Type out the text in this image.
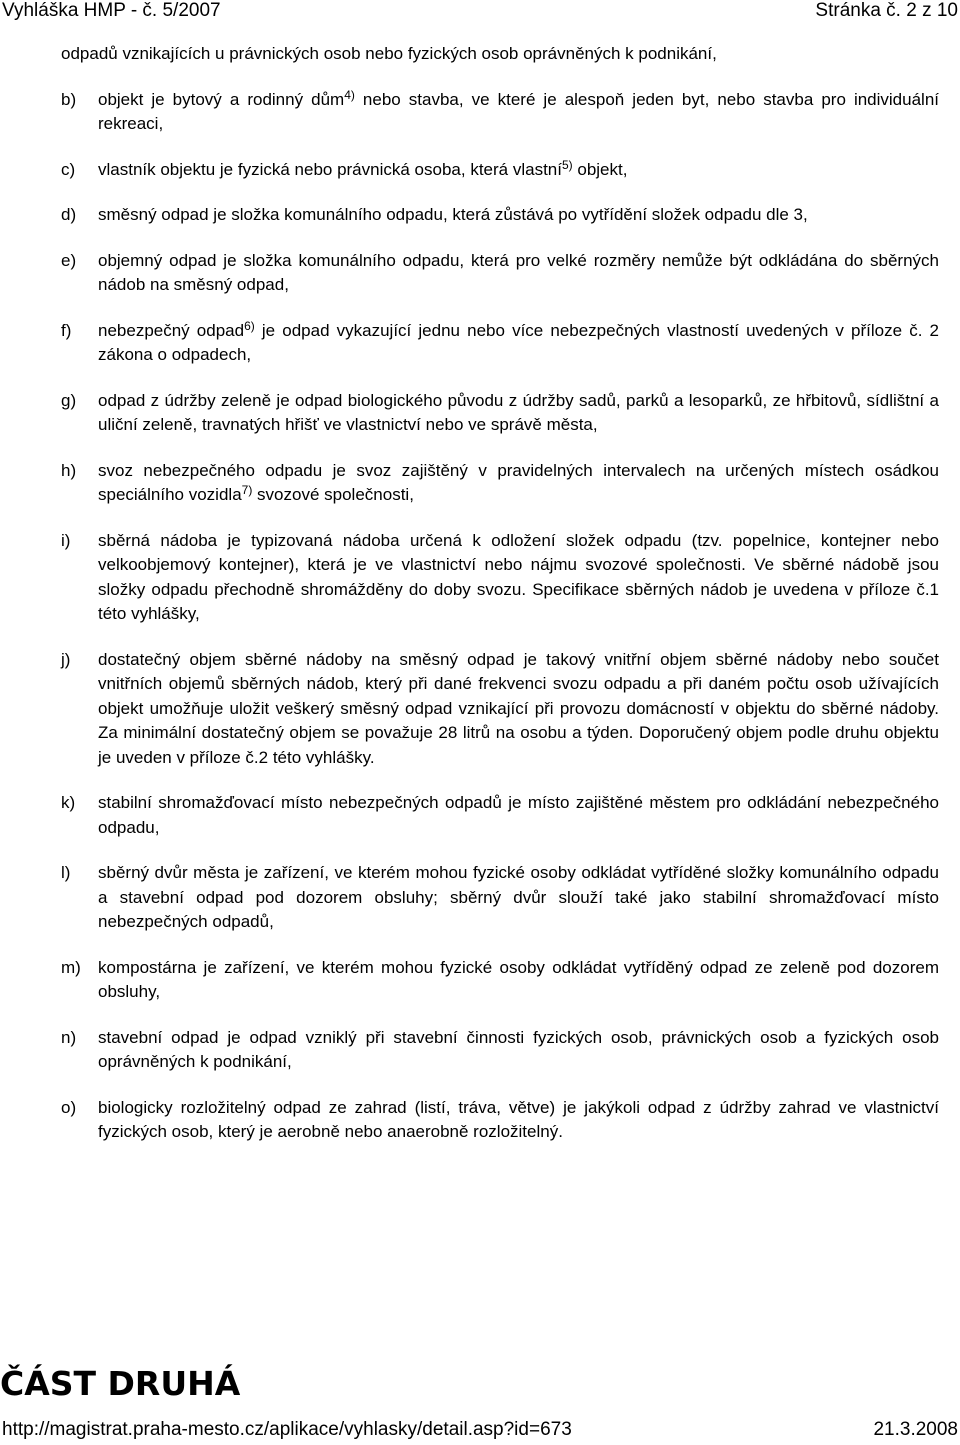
Vyhláška HMP - č. 5/2007	Stránka č. 2 z 10

odpadů vznikajících u právnických osob nebo fyzických osob oprávněných k podnikání,

b) objekt je bytový a rodinný dům$^{4)}$ nebo stavba, ve které je alespoň jeden byt, nebo stavba pro individuální rekreaci,
c) vlastník objektu je fyzická nebo právnická osoba, která vlastní$^{5)}$ objekt,
d) směsný odpad je složka komunálního odpadu, která zůstává po vytřídění složek odpadu dle 3,
e) objemný odpad je složka komunálního odpadu, která pro velké rozměry nemůže být odkládána do sběrných nádob na směsný odpad,
f) nebezpečný odpad$^{6)}$ je odpad vykazující jednu nebo více nebezpečných vlastností uvedených v příloze č. 2 zákona o odpadech,
g) odpad z údržby zeleně je odpad biologického původu z údržby sadů, parků a lesoparků, ze hřbitovů, sídlištní a uliční zeleně, travnatých hřišť ve vlastnictví nebo ve správě města,
h) svoz nebezpečného odpadu je svoz zajištěný v pravidelných intervalech na určených místech osádkou speciálního vozidla$^{7)}$ svozové společnosti,
i) sběrná nádoba je typizovaná nádoba určená k odložení složek odpadu (tzv. popelnice, kontejner nebo velkoobjemový kontejner), která je ve vlastnictví nebo nájmu svozové společnosti. Ve sběrné nádobě jsou složky odpadu přechodně shromážděny do doby svozu. Specifikace sběrných nádob je uvedena v příloze č.1 této vyhlášky,
j) dostatečný objem sběrné nádoby na směsný odpad je takový vnitřní objem sběrné nádoby nebo součet vnitřních objemů sběrných nádob, který při dané frekvenci svozu odpadu a při daném počtu osob užívajících objekt umožňuje uložit veškerý směsný odpad vznikající při provozu domácností v objektu do sběrné nádoby. Za minimální dostatečný objem se považuje 28 litrů na osobu a týden. Doporučený objem podle druhu objektu je uveden v příloze č.2 této vyhlášky.
k) stabilní shromažďovací místo nebezpečných odpadů je místo zajištěné městem pro odkládání nebezpečného odpadu,
l) sběrný dvůr města je zařízení, ve kterém mohou fyzické osoby odkládat vytříděné složky komunálního odpadu a stavební odpad pod dozorem obsluhy; sběrný dvůr slouží také jako stabilní shromažďovací místo nebezpečných odpadů,
m) kompostárna je zařízení, ve kterém mohou fyzické osoby odkládat vytříděný odpad ze zeleně pod dozorem obsluhy,
n) stavební odpad je odpad vzniklý při stavební činnosti fyzických osob, právnických osob a fyzických osob oprávněných k podnikání,
o) biologicky rozložitelný odpad ze zahrad (listí, tráva, větve) je jakýkoli odpad z údržby zahrad ve vlastnictví fyzických osob, který je aerobně nebo anaerobně rozložitelný.
ČÁST DRUHÁ
http://magistrat.praha-mesto.cz/aplikace/vyhlasky/detail.asp?id=673	21.3.2008
